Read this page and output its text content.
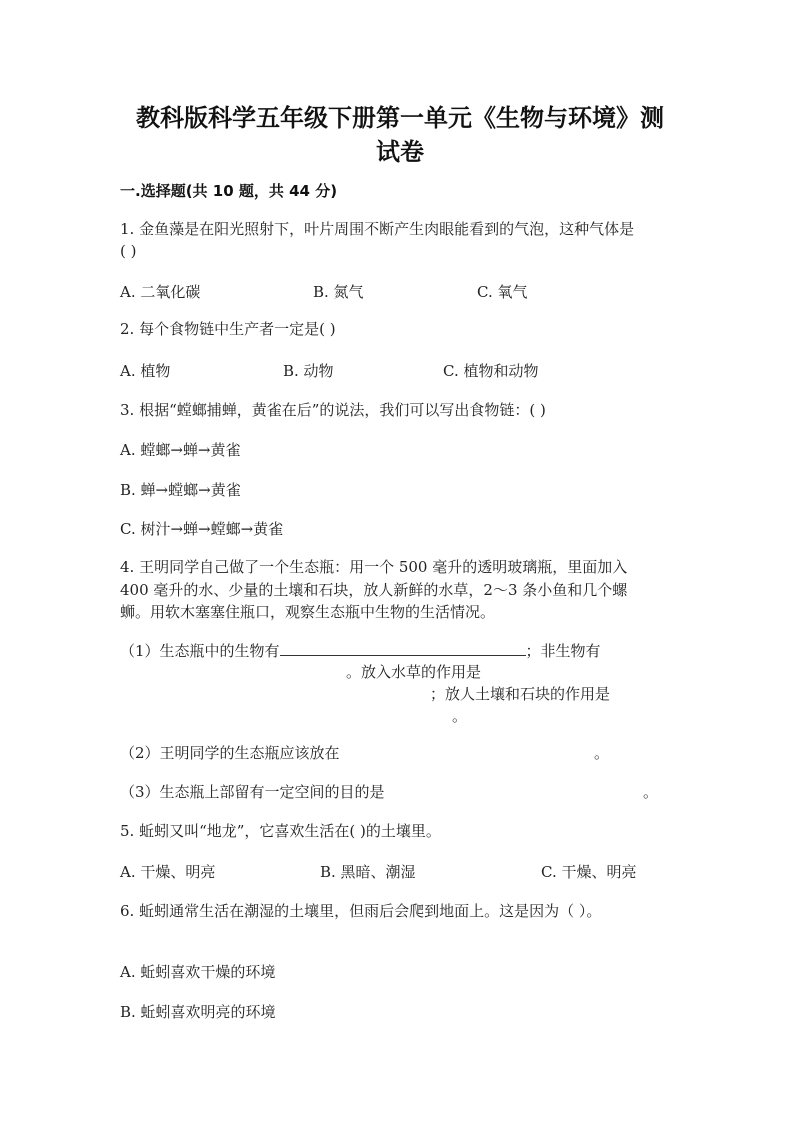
教科版科学五年级下册第一单元《生物与环境》测
试卷
一.选择题(共 10 题，共 44 分)
1. 金鱼藻是在阳光照射下，叶片周围不断产生肉眼能看到的气泡，这种气体是
( )
A. 二氧化碳	B. 氮气	C. 氧气
2. 每个食物链中生产者一定是( )
A. 植物	B. 动物	C. 植物和动物
3. 根据“螳螂捕蝉，黄雀在后”的说法，我们可以写出食物链：( )
A. 螳螂→蝉→黄雀
B. 蝉→螳螂→黄雀
C. 树汁→蝉→螳螂→黄雀
4. 王明同学自己做了一个生态瓶：用一个 500 毫升的透明玻璃瓶，里面加入
400 毫升的水、少量的土壤和石块，放人新鲜的水草，2～3 条小鱼和几个螺
蛳。用软木塞塞住瓶口，观察生态瓶中生物的生活情况。
（1）生态瓶中的生物有	；非生物有
。放入水草的作用是
；放人土壤和石块的作用是
。
（2）王明同学的生态瓶应该放在	。
（3）生态瓶上部留有一定空间的目的是	。
5. 蚯蚓又叫“地龙”，它喜欢生活在( )的土壤里。
A. 干燥、明亮	B. 黑暗、潮湿	C. 干燥、明亮
6. 蚯蚓通常生活在潮湿的土壤里，但雨后会爬到地面上。这是因为（ ）。
A. 蚯蚓喜欢干燥的环境
B. 蚯蚓喜欢明亮的环境
